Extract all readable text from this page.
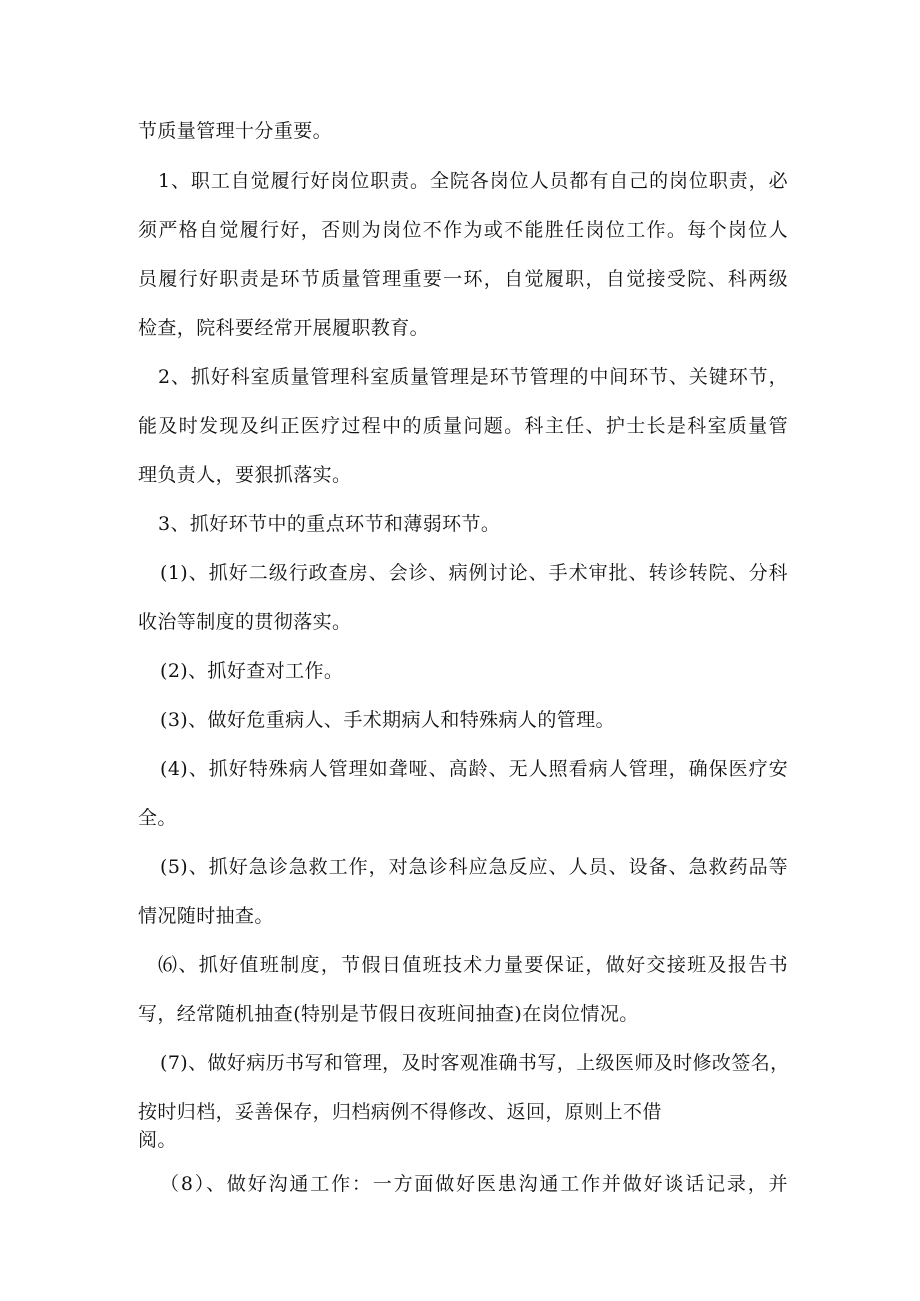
节质量管理十分重要。
1、职工自觉履行好岗位职责。全院各岗位人员都有自己的岗位职责，必
须严格自觉履行好，否则为岗位不作为或不能胜任岗位工作。每个岗位人
员履行好职责是环节质量管理重要一环，自觉履职，自觉接受院、科两级
检查，院科要经常开展履职教育。
2、抓好科室质量管理科室质量管理是环节管理的中间环节、关键环节，
能及时发现及纠正医疗过程中的质量问题。科主任、护士长是科室质量管
理负责人，要狠抓落实。
3、抓好环节中的重点环节和薄弱环节。
(1)、抓好二级行政查房、会诊、病例讨论、手术审批、转诊转院、分科
收治等制度的贯彻落实。
(2)、抓好查对工作。
(3)、做好危重病人、手术期病人和特殊病人的管理。
(4)、抓好特殊病人管理如聋哑、高龄、无人照看病人管理，确保医疗安
全。
(5)、抓好急诊急救工作，对急诊科应急反应、人员、设备、急救药品等
情况随时抽查。
⑹、抓好值班制度，节假日值班技术力量要保证，做好交接班及报告书
写，经常随机抽查(特别是节假日夜班间抽查)在岗位情况。
(7)、做好病历书写和管理，及时客观准确书写，上级医师及时修改签名，
按时归档，妥善保存，归档病例不得修改、返回，原则上不借
阅。
（8）、做好沟通工作：一方面做好医患沟通工作并做好谈话记录，并
